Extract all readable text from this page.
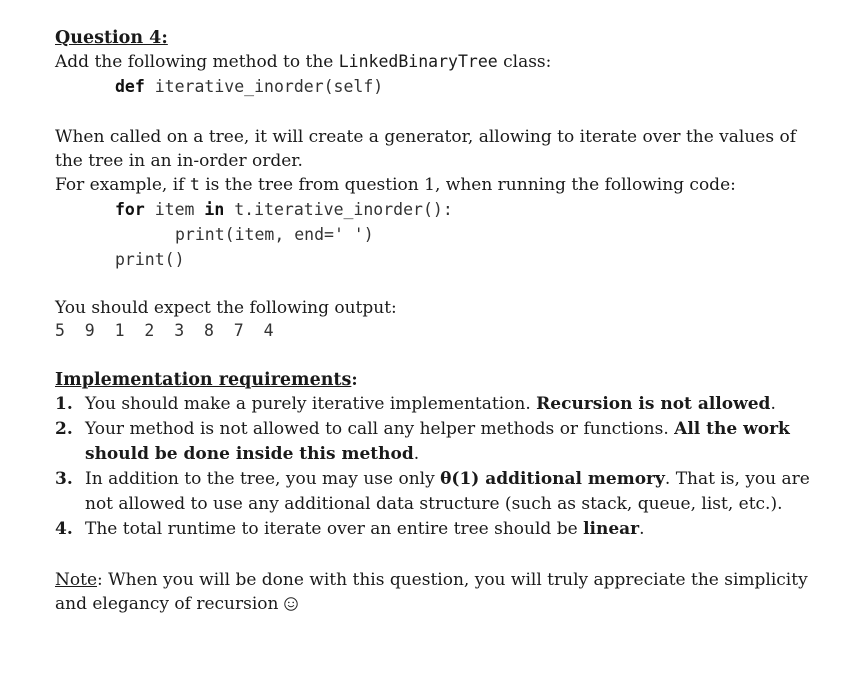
Question 4:
Add the following method to the LinkedBinaryTree class:
def iterative_inorder(self)
When called on a tree, it will create a generator, allowing to iterate over the values of the tree in an in-order order.
For example, if t is the tree from question 1, when running the following code:
for item in t.iterative_inorder():
print(item, end=' ')
print()
You should expect the following output:
5  9  1  2  3  8  7  4
Implementation requirements:
1. You should make a purely iterative implementation. Recursion is not allowed.
2. Your method is not allowed to call any helper methods or functions. All the work should be done inside this method.
3. In addition to the tree, you may use only θ(1) additional memory. That is, you are not allowed to use any additional data structure (such as stack, queue, list, etc.).
4. The total runtime to iterate over an entire tree should be linear.
Note: When you will be done with this question, you will truly appreciate the simplicity and elegancy of recursion
